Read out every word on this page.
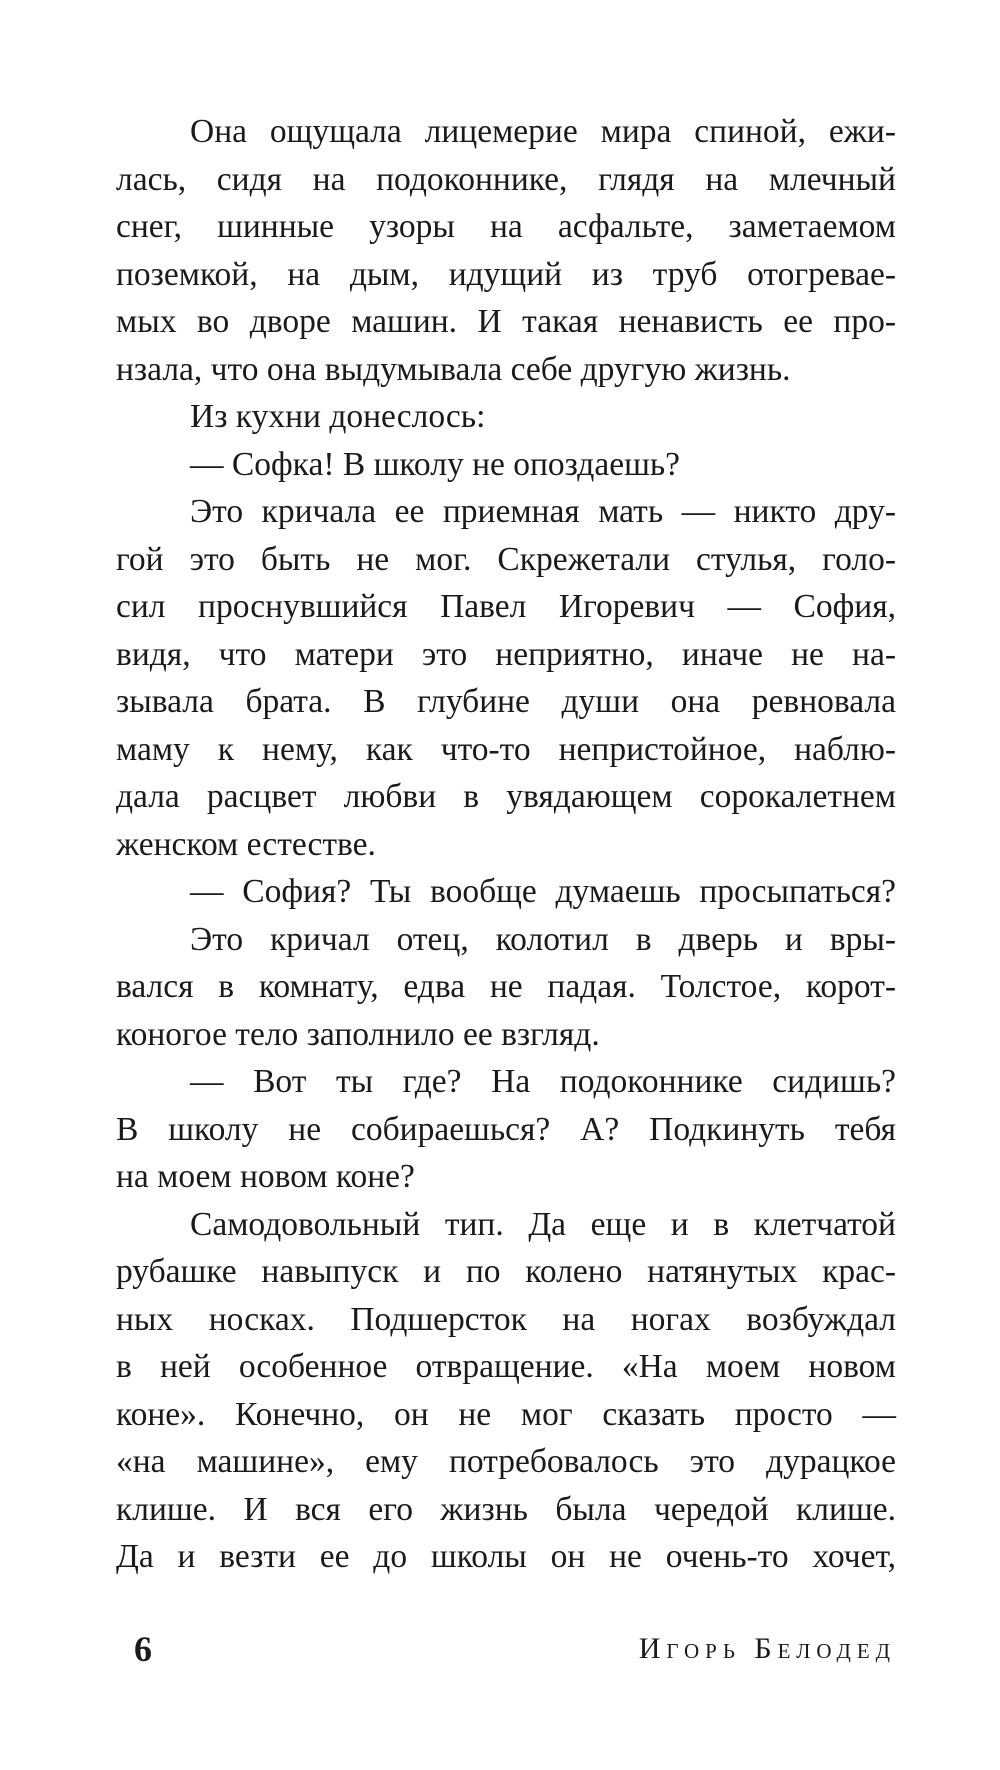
Она ощущала лицемерие мира спиной, ежи-
лась, сидя на подоконнике, глядя на млечный
снег, шинные узоры на асфальте, заметаемом
поземкой, на дым, идущий из труб отогревае-
мых во дворе машин. И такая ненависть ее про-
нзала, что она выдумывала себе другую жизнь.
Из кухни донеслось:
— Софка! В школу не опоздаешь?
Это кричала ее приемная мать — никто дру-
гой это быть не мог. Скрежетали стулья, голо-
сил проснувшийся Павел Игоревич — София,
видя, что матери это неприятно, иначе не на-
зывала брата. В глубине души она ревновала
маму к нему, как что-то непристойное, наблю-
дала расцвет любви в увядающем сорокалетнем
женском естестве.
— София? Ты вообще думаешь просыпаться?
Это кричал отец, колотил в дверь и вры-
вался в комнату, едва не падая. Толстое, корот-
коногое тело заполнило ее взгляд.
— Вот ты где? На подоконнике сидишь?
В школу не собираешься? А? Подкинуть тебя
на моем новом коне?
Самодовольный тип. Да еще и в клетчатой
рубашке навыпуск и по колено натянутых крас-
ных носках. Подшерсток на ногах возбуждал
в ней особенное отвращение. «На моем новом
коне». Конечно, он не мог сказать просто —
«на машине», ему потребовалось это дурацкое
клише. И вся его жизнь была чередой клише.
Да и везти ее до школы он не очень-то хочет,
6	Игорь Белодед
